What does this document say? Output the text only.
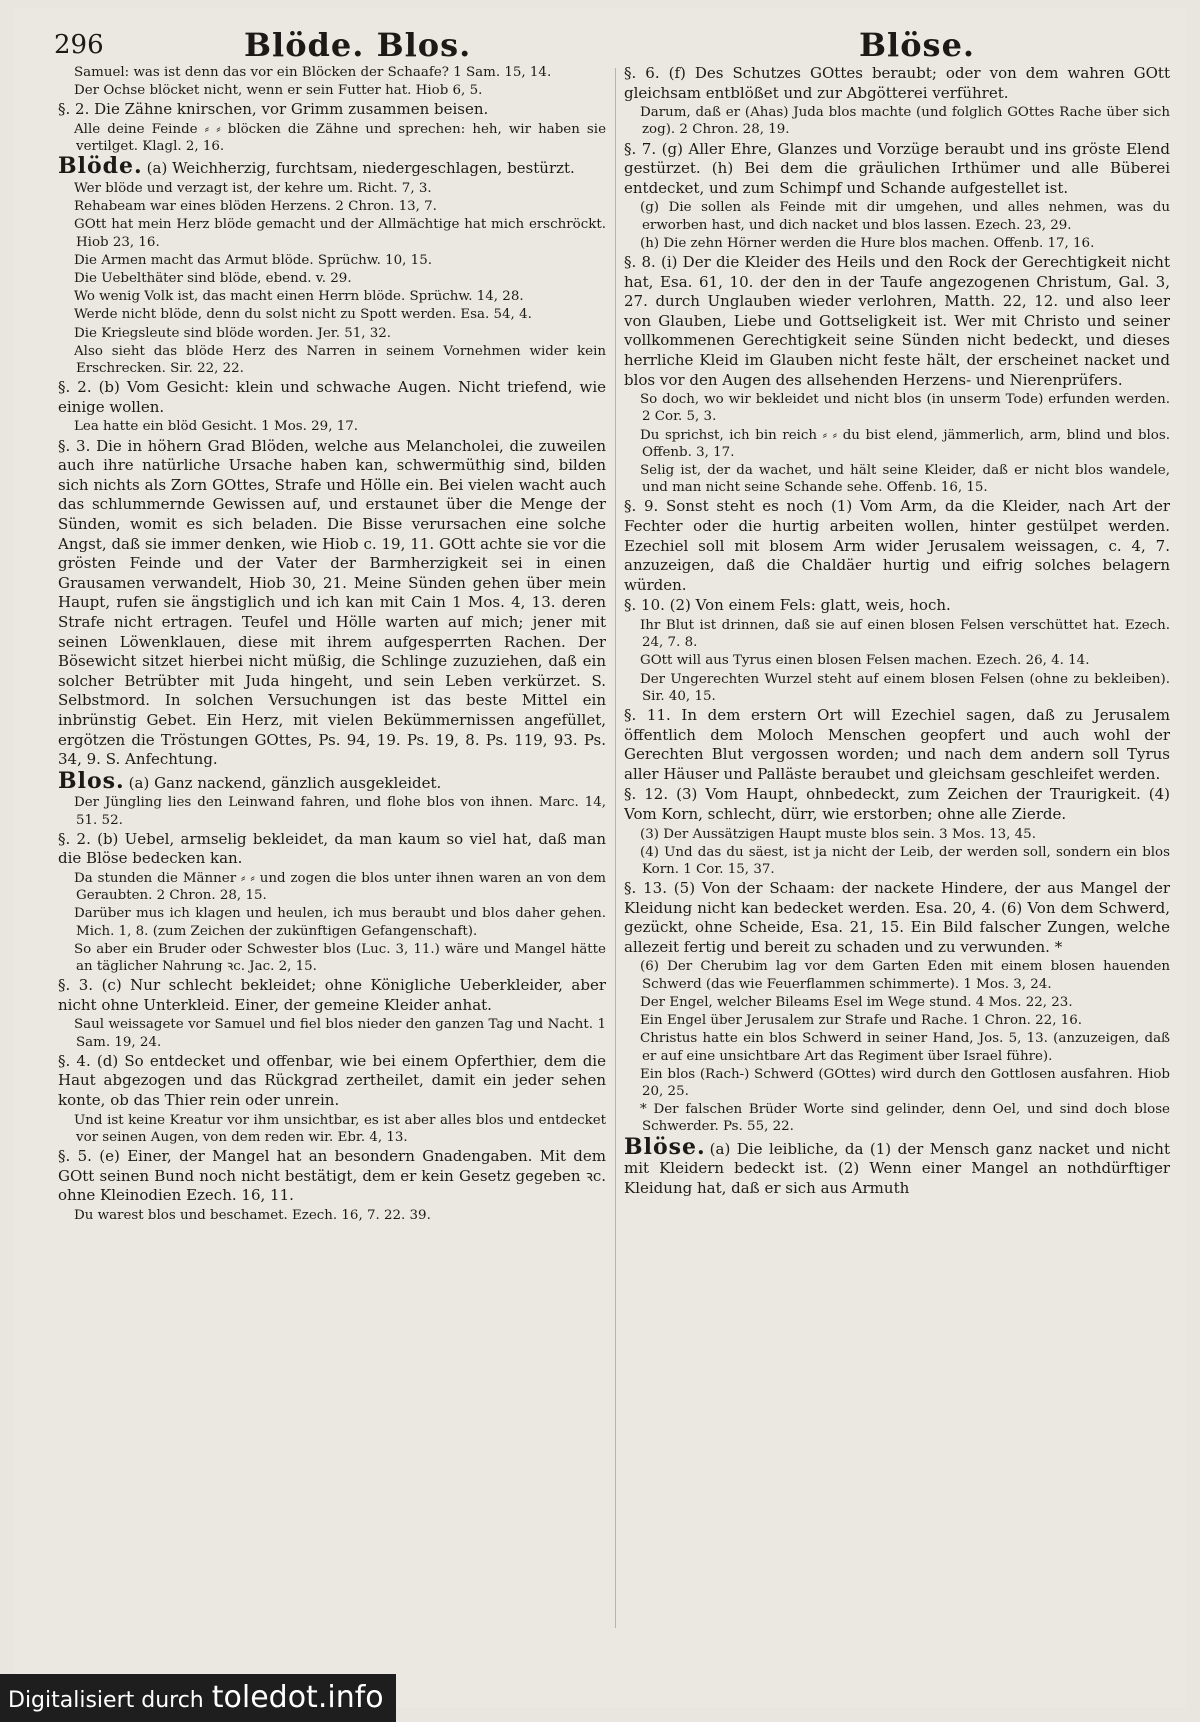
296	Blöde. Blos.	Blöse.

Samuel: was ist denn das vor ein Blöcken der Schaafe? 1 Sam. 15, 14.

Der Ochse blöcket nicht, wenn er sein Futter hat. Hiob 6, 5.

§. 2. Die Zähne knirschen, vor Grimm zusammen beisen.

Alle deine Feinde ⸗ ⸗ blöcken die Zähne und sprechen: heh, wir haben sie vertilget. Klagl. 2, 16.

Blöde. (a) Weichherzig, furchtsam, niedergeschlagen, bestürzt.

Wer blöde und verzagt ist, der kehre um. Richt. 7, 3.

Rehabeam war eines blöden Herzens. 2 Chron. 13, 7.

GOtt hat mein Herz blöde gemacht und der Allmächtige hat mich erschröckt. Hiob 23, 16.

Die Armen macht das Armut blöde. Sprüchw. 10, 15.

Die Uebelthäter sind blöde, ebend. v. 29.

Wo wenig Volk ist, das macht einen Herrn blöde. Sprüchw. 14, 28.

Werde nicht blöde, denn du solst nicht zu Spott werden. Esa. 54, 4.

Die Kriegsleute sind blöde worden. Jer. 51, 32.

Also sieht das blöde Herz des Narren in seinem Vornehmen wider kein Erschrecken. Sir. 22, 22.

§. 2. (b) Vom Gesicht: klein und schwache Augen. Nicht triefend, wie einige wollen.

Lea hatte ein blöd Gesicht. 1 Mos. 29, 17.

§. 3. Die in höhern Grad Blöden, welche aus Melancholei, die zuweilen auch ihre natürliche Ursache haben kan, schwermüthig sind, bilden sich nichts als Zorn GOttes, Strafe und Hölle ein. Bei vielen wacht auch das schlummernde Gewissen auf, und erstaunet über die Menge der Sünden, womit es sich beladen. Die Bisse verursachen eine solche Angst, daß sie immer denken, wie Hiob c. 19, 11. GOtt achte sie vor die grösten Feinde und der Vater der Barmherzigkeit sei in einen Grausamen verwandelt, Hiob 30, 21. Meine Sünden gehen über mein Haupt, rufen sie ängstiglich und ich kan mit Cain 1 Mos. 4, 13. deren Strafe nicht ertragen. Teufel und Hölle warten auf mich; jener mit seinen Löwenklauen, diese mit ihrem aufgesperrten Rachen. Der Bösewicht sitzet hierbei nicht müßig, die Schlinge zuzuziehen, daß ein solcher Betrübter mit Juda hingeht, und sein Leben verkürzet. S. Selbstmord. In solchen Versuchungen ist das beste Mittel ein inbrünstig Gebet. Ein Herz, mit vielen Bekümmernissen angefüllet, ergötzen die Tröstungen GOttes, Ps. 94, 19. Ps. 19, 8. Ps. 119, 93. Ps. 34, 9. S. Anfechtung.

Blos. (a) Ganz nackend, gänzlich ausgekleidet.

Der Jüngling lies den Leinwand fahren, und flohe blos von ihnen. Marc. 14, 51. 52.

§. 2. (b) Uebel, armselig bekleidet, da man kaum so viel hat, daß man die Blöse bedecken kan.

Da stunden die Männer ⸗ ⸗ und zogen die blos unter ihnen waren an von dem Geraubten. 2 Chron. 28, 15.

Darüber mus ich klagen und heulen, ich mus beraubt und blos daher gehen. Mich. 1, 8. (zum Zeichen der zukünftigen Gefangenschaft).

So aber ein Bruder oder Schwester blos (Luc. 3, 11.) wäre und Mangel hätte an täglicher Nahrung ꝛc. Jac. 2, 15.

§. 3. (c) Nur schlecht bekleidet; ohne Königliche Ueberkleider, aber nicht ohne Unterkleid. Einer, der gemeine Kleider anhat.

Saul weissagete vor Samuel und fiel blos nieder den ganzen Tag und Nacht. 1 Sam. 19, 24.

§. 4. (d) So entdecket und offenbar, wie bei einem Opferthier, dem die Haut abgezogen und das Rückgrad zertheilet, damit ein jeder sehen konte, ob das Thier rein oder unrein.

Und ist keine Kreatur vor ihm unsichtbar, es ist aber alles blos und entdecket vor seinen Augen, von dem reden wir. Ebr. 4, 13.

§. 5. (e) Einer, der Mangel hat an besondern Gnadengaben. Mit dem GOtt seinen Bund noch nicht bestätigt, dem er kein Gesetz gegeben ꝛc. ohne Kleinodien Ezech. 16, 11.

Du warest blos und beschamet. Ezech. 16, 7. 22. 39.

§. 6. (f) Des Schutzes GOttes beraubt; oder von dem wahren GOtt gleichsam entblößet und zur Abgötterei verführet.

Darum, daß er (Ahas) Juda blos machte (und folglich GOttes Rache über sich zog). 2 Chron. 28, 19.

§. 7. (g) Aller Ehre, Glanzes und Vorzüge beraubt und ins gröste Elend gestürzet. (h) Bei dem die gräulichen Irthümer und alle Büberei entdecket, und zum Schimpf und Schande aufgestellet ist.

(g) Die sollen als Feinde mit dir umgehen, und alles nehmen, was du erworben hast, und dich nacket und blos lassen. Ezech. 23, 29.

(h) Die zehn Hörner werden die Hure blos machen. Offenb. 17, 16.

§. 8. (i) Der die Kleider des Heils und den Rock der Gerechtigkeit nicht hat, Esa. 61, 10. der den in der Taufe angezogenen Christum, Gal. 3, 27. durch Unglauben wieder verlohren, Matth. 22, 12. und also leer von Glauben, Liebe und Gottseligkeit ist. Wer mit Christo und seiner vollkommenen Gerechtigkeit seine Sünden nicht bedeckt, und dieses herrliche Kleid im Glauben nicht feste hält, der erscheinet nacket und blos vor den Augen des allsehenden Herzens- und Nierenprüfers.

So doch, wo wir bekleidet und nicht blos (in unserm Tode) erfunden werden. 2 Cor. 5, 3.

Du sprichst, ich bin reich ⸗ ⸗ du bist elend, jämmerlich, arm, blind und blos. Offenb. 3, 17.

Selig ist, der da wachet, und hält seine Kleider, daß er nicht blos wandele, und man nicht seine Schande sehe. Offenb. 16, 15.

§. 9. Sonst steht es noch (1) Vom Arm, da die Kleider, nach Art der Fechter oder die hurtig arbeiten wollen, hinter gestülpet werden. Ezechiel soll mit blosem Arm wider Jerusalem weissagen, c. 4, 7. anzuzeigen, daß die Chaldäer hurtig und eifrig solches belagern würden.

§. 10. (2) Von einem Fels: glatt, weis, hoch.

Ihr Blut ist drinnen, daß sie auf einen blosen Felsen verschüttet hat. Ezech. 24, 7. 8.

GOtt will aus Tyrus einen blosen Felsen machen. Ezech. 26, 4. 14.

Der Ungerechten Wurzel steht auf einem blosen Felsen (ohne zu bekleiben). Sir. 40, 15.

§. 11. In dem erstern Ort will Ezechiel sagen, daß zu Jerusalem öffentlich dem Moloch Menschen geopfert und auch wohl der Gerechten Blut vergossen worden; und nach dem andern soll Tyrus aller Häuser und Palläste beraubet und gleichsam geschleifet werden.

§. 12. (3) Vom Haupt, ohnbedeckt, zum Zeichen der Traurigkeit. (4) Vom Korn, schlecht, dürr, wie erstorben; ohne alle Zierde.

(3) Der Aussätzigen Haupt muste blos sein. 3 Mos. 13, 45.

(4) Und das du säest, ist ja nicht der Leib, der werden soll, sondern ein blos Korn. 1 Cor. 15, 37.

§. 13. (5) Von der Schaam: der nackete Hindere, der aus Mangel der Kleidung nicht kan bedecket werden. Esa. 20, 4. (6) Von dem Schwerd, gezückt, ohne Scheide, Esa. 21, 15. Ein Bild falscher Zungen, welche allezeit fertig und bereit zu schaden und zu verwunden. *

(6) Der Cherubim lag vor dem Garten Eden mit einem blosen hauenden Schwerd (das wie Feuerflammen schimmerte). 1 Mos. 3, 24.

Der Engel, welcher Bileams Esel im Wege stund. 4 Mos. 22, 23.

Ein Engel über Jerusalem zur Strafe und Rache. 1 Chron. 22, 16.

Christus hatte ein blos Schwerd in seiner Hand, Jos. 5, 13. (anzuzeigen, daß er auf eine unsichtbare Art das Regiment über Israel führe).

Ein blos (Rach-) Schwerd (GOttes) wird durch den Gottlosen ausfahren. Hiob 20, 25.

* Der falschen Brüder Worte sind gelinder, denn Oel, und sind doch blose Schwerder. Ps. 55, 22.

Blöse. (a) Die leibliche, da (1) der Mensch ganz nacket und nicht mit Kleidern bedeckt ist. (2) Wenn einer Mangel an nothdürftiger Kleidung hat, daß er sich aus Armuth

Digitalisiert durch toledot.info
